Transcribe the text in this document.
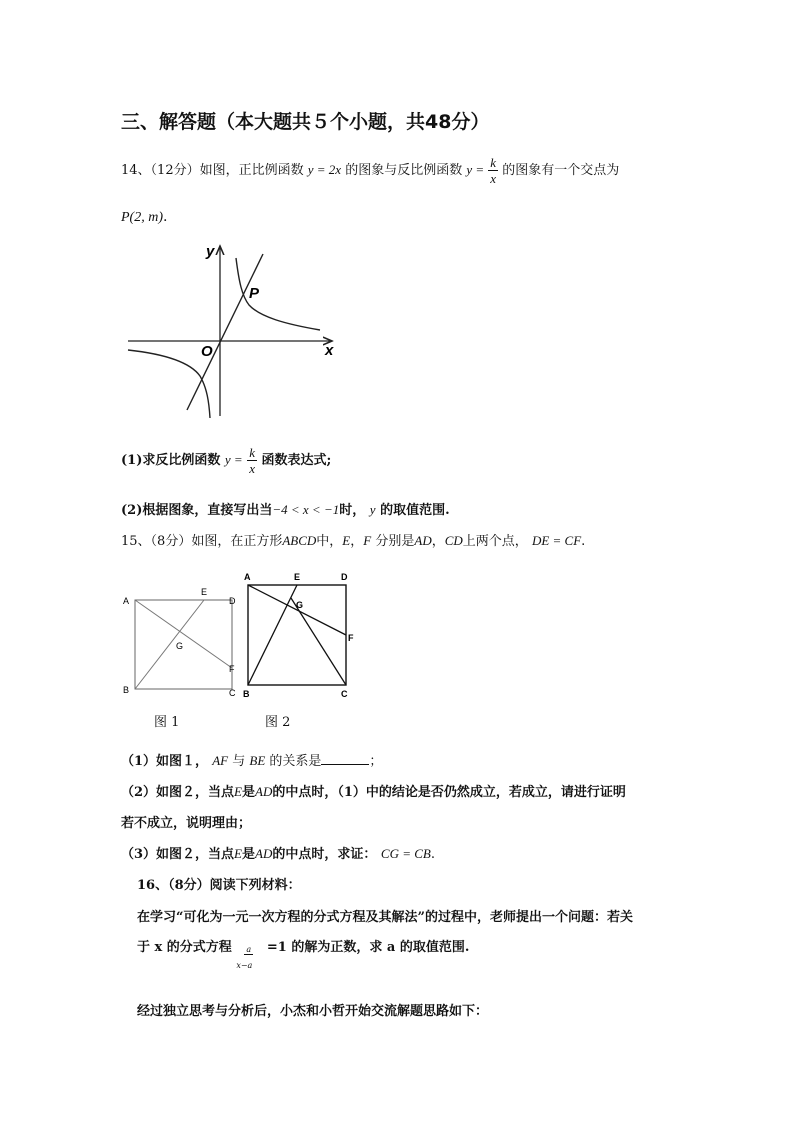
三、解答题（本大题共５个小题，共48分）
14、（12分）如图，正比例函数 y = 2x 的图象与反比例函数 $y = \frac{k}{x}$ 的图象有一个交点为
P(2, m).
y
x
O
P
(1)求反比例函数 $y = \frac{k}{x}$ 函数表达式;
(2)根据图象，直接写出当−4 < x < −1时， y 的取值范围.
15、（8分）如图，在正方形ABCD中，E，F 分别是AD，CD上两个点， DE = CF.
A
E
D
G
F
B	C
A	E	D
G
F
B	C
图 1	图 2
（1）如图１， AF 与 BE 的关系是	；
（2）如图２，当点E是AD的中点时，（1）中的结论是否仍然成立，若成立，请进行证明
若不成立，说明理由；
（3）如图２，当点E是AD的中点时，求证： CG = CB.
16、（8分）阅读下列材料：
在学习“可化为一元一次方程的分式方程及其解法”的过程中，老师提出一个问题：若关
于 x 的分式方程 $\frac{a}{x-a} =1$ 的解为正数，求 a 的取值范围.
经过独立思考与分析后，小杰和小哲开始交流解题思路如下：
